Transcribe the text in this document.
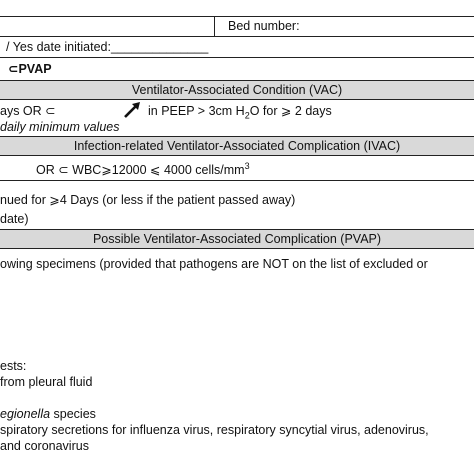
Bed number:
/ Yes date initiated:______________
⊂PVAP
Ventilator-Associated Condition (VAC)
ays OR ⊂	in PEEP > 3cm $H_2O$ for ⩾ 2 days
daily minimum values
Infection-related Ventilator-Associated Complication (IVAC)
OR ⊂ WBC⩾12000 ⩽ 4000 cells/$mm^3$
nued for ⩾4 Days (or less if the patient passed away)
date)
Possible Ventilator-Associated Complication (PVAP)
owing specimens (provided that pathogens are NOT on the list of excluded or
ests:
from pleural fluid
egionella species
spiratory secretions for influenza virus, respiratory syncytial virus, adenovirus,
and coronavirus
